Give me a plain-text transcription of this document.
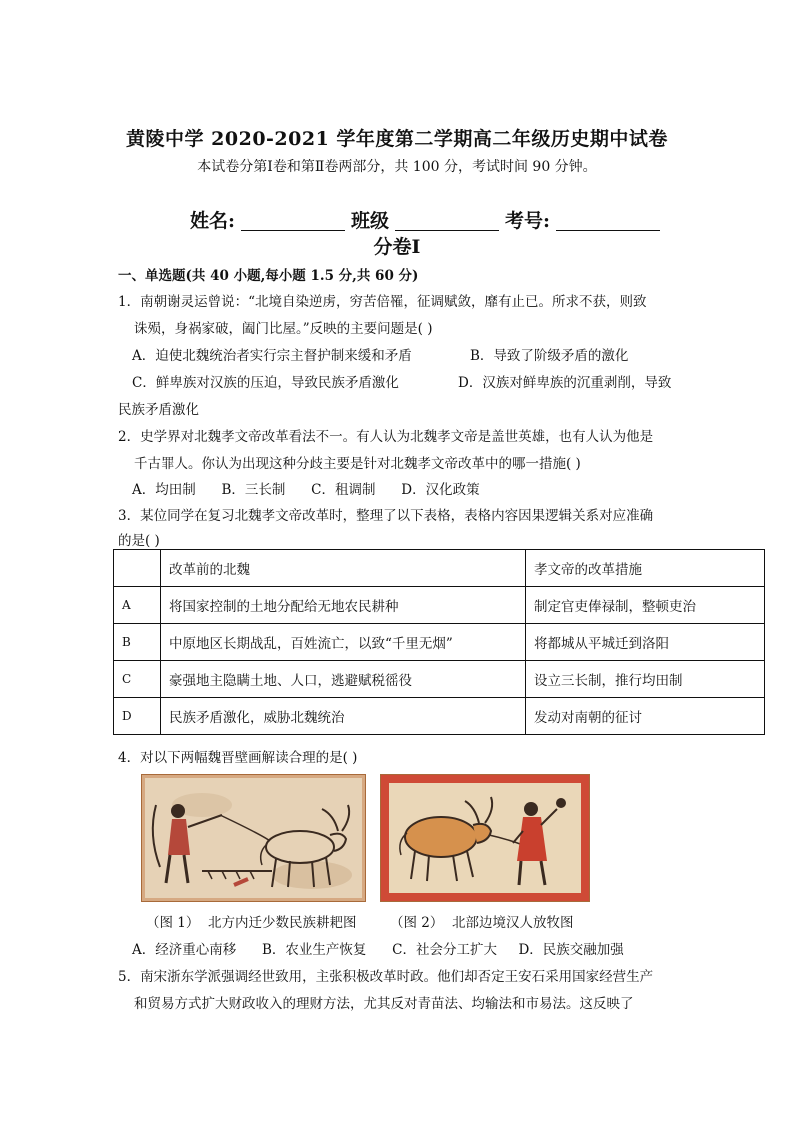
黄陵中学 2020-2021 学年度第二学期高二年级历史期中试卷
本试卷分第Ⅰ卷和第Ⅱ卷两部分，共 100 分，考试时间 90 分钟。
姓名:	班级	考号:
分卷Ⅰ
一、单选题(共 40 小题,每小题 1.5 分,共 60 分)
1．南朝谢灵运曾说：“北境自染逆虏，穷苦倍罹，征调赋敛，靡有止已。所求不获，则致
诛殒，身祸家破，阖门比屋。”反映的主要问题是( )
A．迫使北魏统治者实行宗主督护制来缓和矛盾	B．导致了阶级矛盾的激化
C．鲜卑族对汉族的压迫，导致民族矛盾激化	D．汉族对鲜卑族的沉重剥削，导致
民族矛盾激化
2．史学界对北魏孝文帝改革看法不一。有人认为北魏孝文帝是盖世英雄，也有人认为他是
千古罪人。你认为出现这种分歧主要是针对北魏孝文帝改革中的哪一措施( )
A．均田制      B．三长制      C．租调制      D．汉化政策
3．某位同学在复习北魏孝文帝改革时，整理了以下表格，表格内容因果逻辑关系对应准确
的是( )
	改革前的北魏	孝文帝的改革措施
A	将国家控制的土地分配给无地农民耕种	制定官吏俸禄制，整顿吏治
B	中原地区长期战乱，百姓流亡，以致“千里无烟”	将都城从平城迁到洛阳
C	豪强地主隐瞒土地、人口，逃避赋税徭役	设立三长制，推行均田制
D	民族矛盾激化，威胁北魏统治	发动对南朝的征讨
4．对以下两幅魏晋壁画解读合理的是( )
（图 1）  北方内迁少数民族耕耙图 （图 2）  北部边境汉人放牧图
A．经济重心南移      B．农业生产恢复      C．社会分工扩大     D．民族交融加强
5．南宋浙东学派强调经世致用，主张积极改革时政。他们却否定王安石采用国家经营生产
和贸易方式扩大财政收入的理财方法，尤其反对青苗法、均输法和市易法。这反映了
